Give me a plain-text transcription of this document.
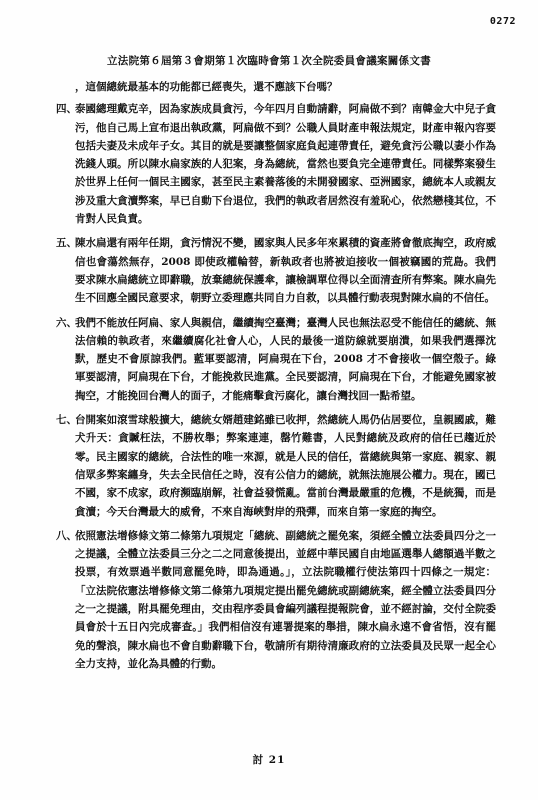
0272
立法院第６屆第３會期第１次臨時會第１次全院委員會議案關係文書
，這個總統最基本的功能都已經喪失，還不應該下台嗎？
四、
泰國總理戴克辛，因為家族成員貪污，今年四月自動請辭，阿扁做不到？南韓金大中兒子貪污，他自己馬上宣布退出執政黨，阿扁做不到？公職人員財產申報法規定，財產申報內容要包括夫妻及未成年子女。其目的就是要讓整個家庭負起連帶責任，避免貪污公職以妻小作為洗錢人頭。所以陳水扁家族的人犯案，身為總統，當然也要負完全連帶責任。同樣弊案發生於世界上任何一個民主國家，甚至民主素養落後的未開發國家、亞洲國家，總統本人或親友涉及重大貪瀆弊案，早已自動下台退位，我們的執政者居然沒有羞恥心，依然戀棧其位，不肯對人民負責。
五、
陳水扁還有兩年任期，貪污情況不變，國家與人民多年來累積的資產將會徹底掏空，政府威信也會蕩然無存，2008 即使政權輪替，新執政者也將被迫接收一個被竊國的荒島。我們要求陳水扁總統立即辭職，放棄總統保護傘，讓檢調單位得以全面清查所有弊案。陳水扁先生不回應全國民意要求，朝野立委理應共同自力自救，以具體行動表現對陳水扁的不信任。
六、
我們不能放任阿扁、家人與親信，繼續掏空臺灣；臺灣人民也無法忍受不能信任的總統、無法信賴的執政者，來繼續腐化社會人心，人民的最後一道防線就要崩潰，如果我們選擇沈默，歷史不會原諒我們。藍軍要認清，阿扁現在下台，2008 才不會接收一個空殼子。綠軍要認清，阿扁現在下台，才能挽救民進黨。全民要認清，阿扁現在下台，才能避免國家被掏空，才能挽回台灣人的面子，才能痛擊貪污腐化，讓台灣找回一點希望。
七、
台開案如滾雪球般擴大，總統女婿趙建銘雖已收押，然總統人馬仍佔居要位，皇親國戚，難犬升天：貪贓枉法，不勝枚舉；弊案連連，罄竹難書，人民對總統及政府的信任已趨近於零。民主國家的總統，合法性的唯一來源，就是人民的信任，當總統與第一家庭、親家、親信眾多弊案纏身，失去全民信任之時，沒有公信力的總統，就無法施展公權力。現在，國已不國，家不成家，政府瀕臨崩解，社會益發慌亂。當前台灣最嚴重的危機，不是統獨，而是貪瀆；今天台灣最大的威脅，不來自海峽對岸的飛彈，而來自第一家庭的掏空。
八、
依照憲法增修條文第二條第九項規定「總統、副總統之罷免案，須經全體立法委員四分之一之提議，全體立法委員三分之二之同意後提出，並經中華民國自由地區選舉人總額過半數之投票，有效票過半數同意罷免時，即為通過。」，立法院職權行使法第四十四條之一規定：「立法院依憲法增修條文第二條第九項規定提出罷免總統或副總統案，經全體立法委員四分之一之提議，附具罷免理由，交由程序委員會編列議程提報院會，並不經討論，交付全院委員會於十五日內完成審查。」我們相信沒有連署提案的舉措，陳水扁永遠不會省悟，沒有罷免的聲浪，陳水扁也不會自動辭職下台，敬請所有期待清廉政府的立法委員及民眾一起全心全力支持，並化為具體的行動。
討 21
